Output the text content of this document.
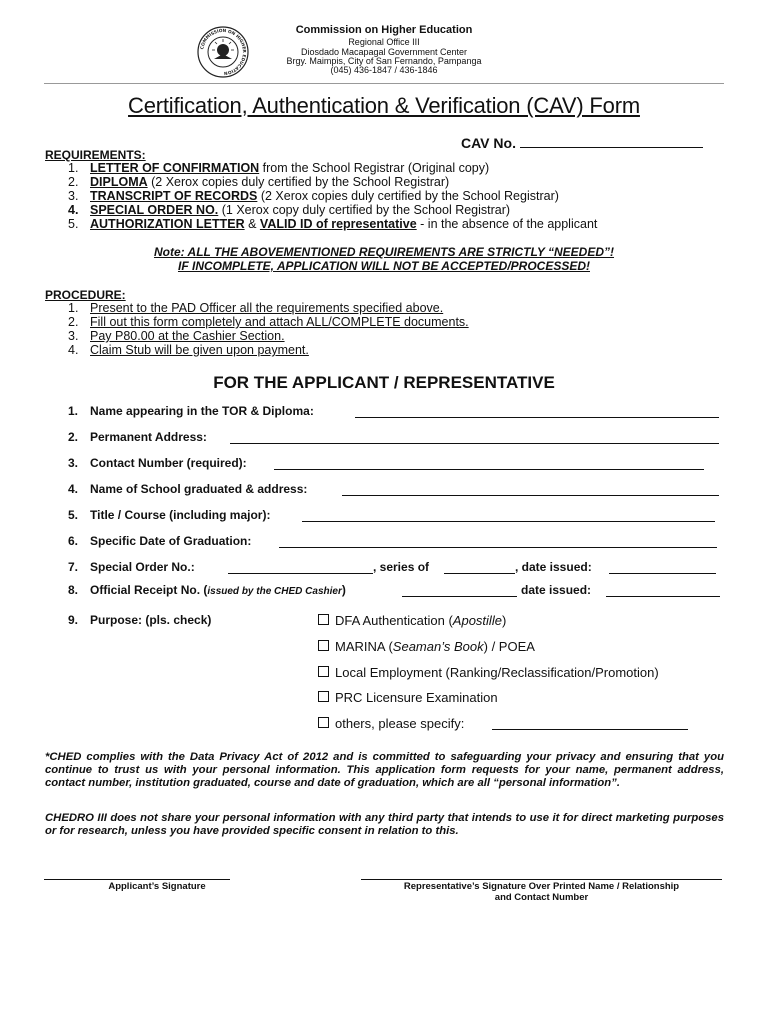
COMMISSION ON HIGHER EDUCATION
Commission on Higher Education
Regional Office III
Diosdado Macapagal Government Center
Brgy. Maimpis, City of San Fernando, Pampanga
(045) 436-1847 / 436-1846
Certification, Authentication & Verification (CAV) Form
CAV No.
REQUIREMENTS:
1. LETTER OF CONFIRMATION from the School Registrar (Original copy)
2. DIPLOMA (2 Xerox copies duly certified by the School Registrar)
3. TRANSCRIPT OF RECORDS (2 Xerox copies duly certified by the School Registrar)
4. SPECIAL ORDER NO. (1 Xerox copy duly certified by the School Registrar)
5. AUTHORIZATION LETTER & VALID ID of representative - in the absence of the applicant
Note: ALL THE ABOVEMENTIONED REQUIREMENTS ARE STRICTLY “NEEDED”!
IF INCOMPLETE, APPLICATION WILL NOT BE ACCEPTED/PROCESSED!
PROCEDURE:
1. Present to the PAD Officer all the requirements specified above.
2. Fill out this form completely and attach ALL/COMPLETE documents.
3. Pay P80.00 at the Cashier Section.
4. Claim Stub will be given upon payment.
FOR THE APPLICANT / REPRESENTATIVE
1. Name appearing in the TOR & Diploma:
2. Permanent Address:
3. Contact Number (required):
4. Name of School graduated & address:
5. Title / Course (including major):
6. Specific Date of Graduation:
7. Special Order No.:	, series of	, date issued:
8. Official Receipt No. (issued by the CHED Cashier)	date issued:
9. Purpose: (pls. check)	DFA Authentication (Apostille)
MARINA (Seaman’s Book) / POEA
Local Employment (Ranking/Reclassification/Promotion)
PRC Licensure Examination
others, please specify:
*CHED complies with the Data Privacy Act of 2012 and is committed to safeguarding your privacy and ensuring that you continue to trust us with your personal information. This application form requests for your name, permanent address, contact number, institution graduated, course and date of graduation, which are all “personal information”.
CHEDRO III does not share your personal information with any third party that intends to use it for direct marketing purposes or for research, unless you have provided specific consent in relation to this.
Applicant’s Signature	Representative’s Signature Over Printed Name / Relationship
and Contact Number
